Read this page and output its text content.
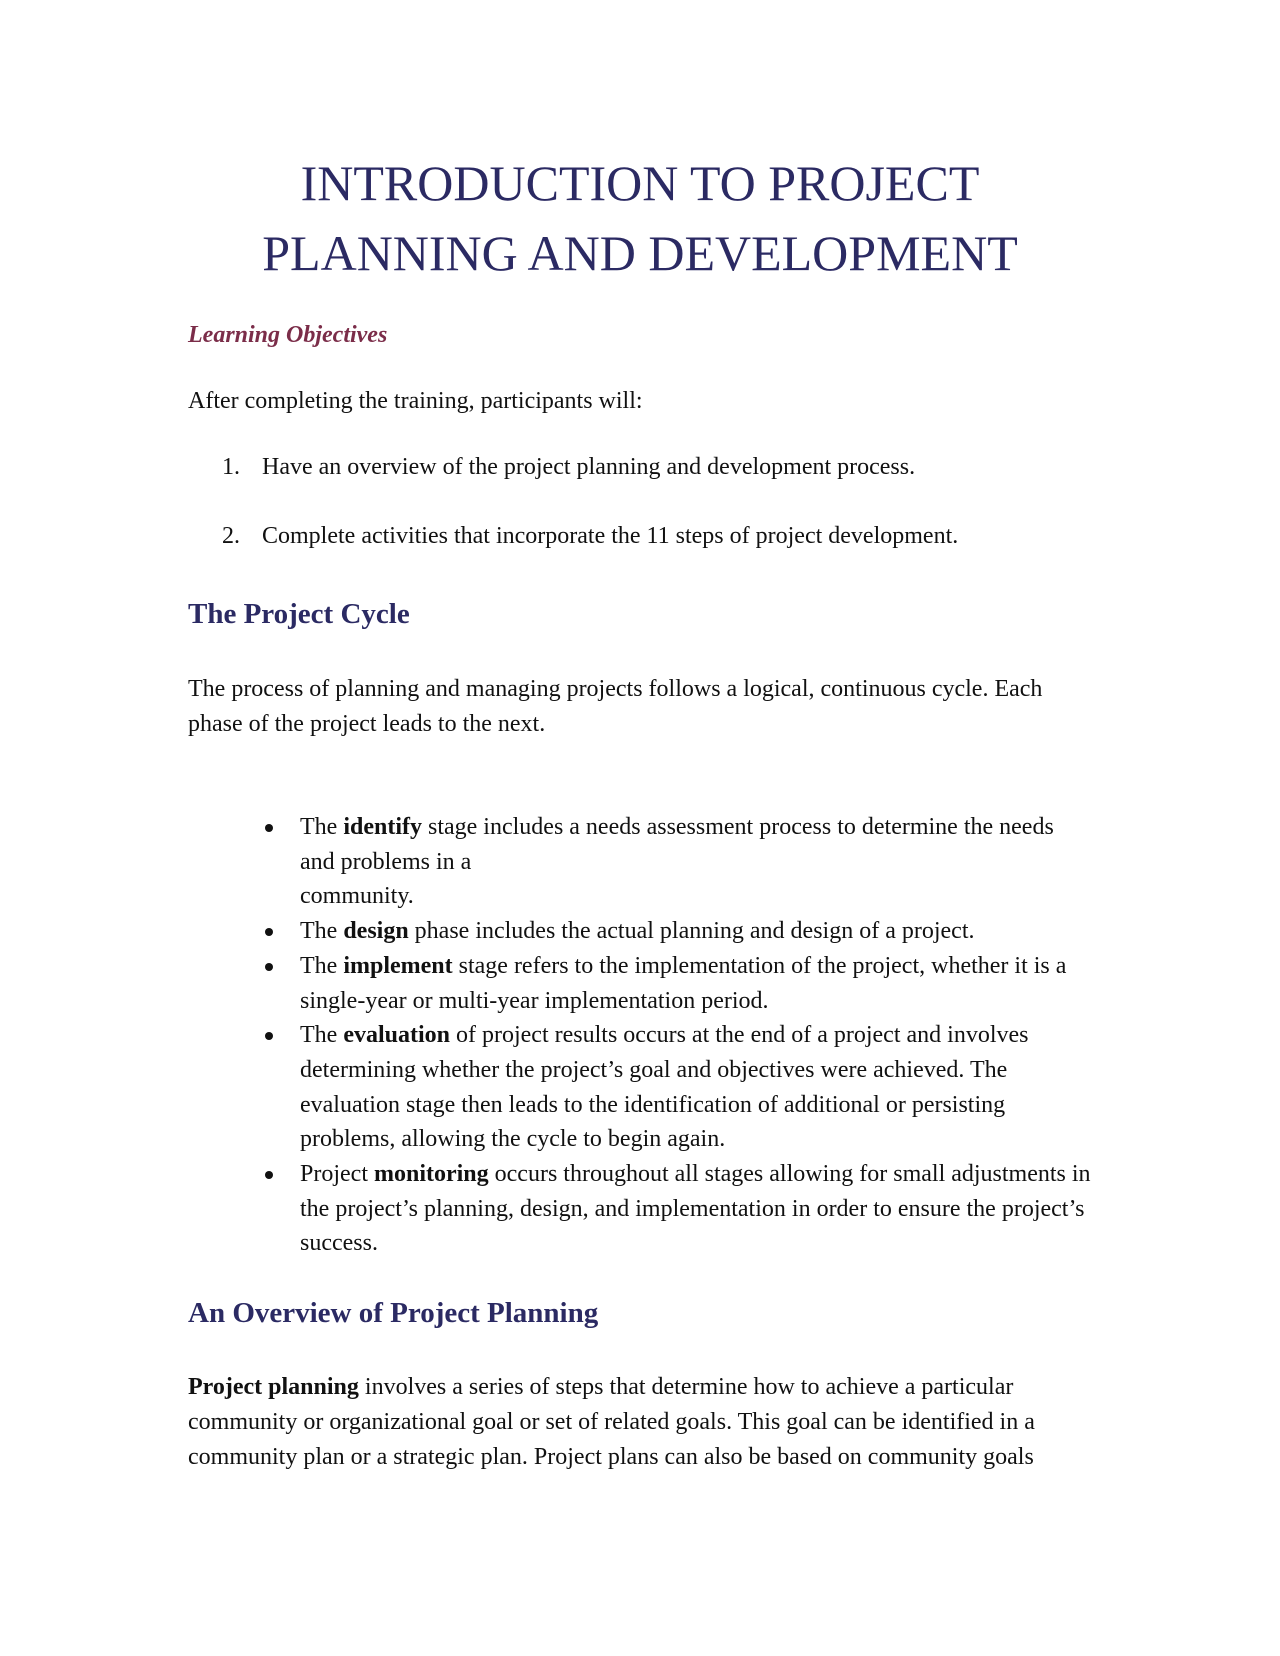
INTRODUCTION TO PROJECT
PLANNING AND DEVELOPMENT

Learning Objectives

After completing the training, participants will:

1. Have an overview of the project planning and development process.

2. Complete activities that incorporate the 11 steps of project development.

The Project Cycle

The process of planning and managing projects follows a logical, continuous cycle. Each phase of the project leads to the next.

The identify stage includes a needs assessment process to determine the needs
and problems in a
community.
The design phase includes the actual planning and design of a project.
The implement stage refers to the implementation of the project, whether it is a single-year or multi-year implementation period.
The evaluation of project results occurs at the end of a project and involves determining whether the project’s goal and objectives were achieved. The evaluation stage then leads to the identification of additional or persisting problems, allowing the cycle to begin again.
Project monitoring occurs throughout all stages allowing for small adjustments in the project’s planning, design, and implementation in order to ensure the project’s success.
An Overview of Project Planning

Project planning involves a series of steps that determine how to achieve a particular community or organizational goal or set of related goals. This goal can be identified in a community plan or a strategic plan. Project plans can also be based on community goals
